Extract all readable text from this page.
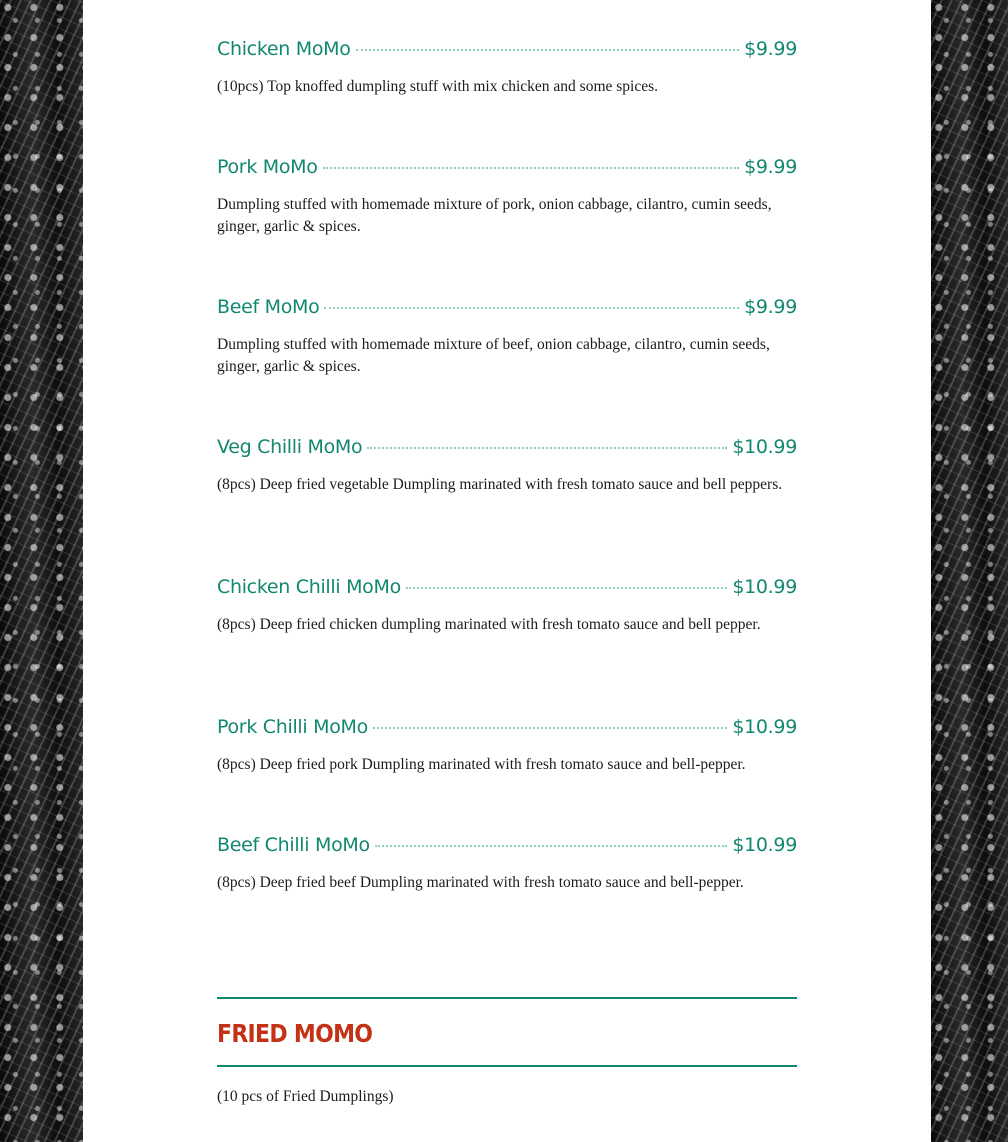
Chicken MoMo	$9.99
(10pcs) Top knoffed dumpling stuff with mix chicken and some spices.
Pork MoMo	$9.99
Dumpling stuffed with homemade mixture of pork, onion cabbage, cilantro, cumin seeds, ginger, garlic & spices.
Beef MoMo	$9.99
Dumpling stuffed with homemade mixture of beef, onion cabbage, cilantro, cumin seeds, ginger, garlic & spices.
Veg Chilli MoMo	$10.99
(8pcs) Deep fried vegetable Dumpling marinated with fresh tomato sauce and bell peppers.
Chicken Chilli MoMo	$10.99
(8pcs) Deep fried chicken dumpling marinated with fresh tomato sauce and bell pepper.
Pork Chilli MoMo	$10.99
(8pcs) Deep fried pork Dumpling marinated with fresh tomato sauce and bell-pepper.
Beef Chilli MoMo	$10.99
(8pcs) Deep fried beef Dumpling marinated with fresh tomato sauce and bell-pepper.
FRIED MOMO
(10 pcs of Fried Dumplings)
